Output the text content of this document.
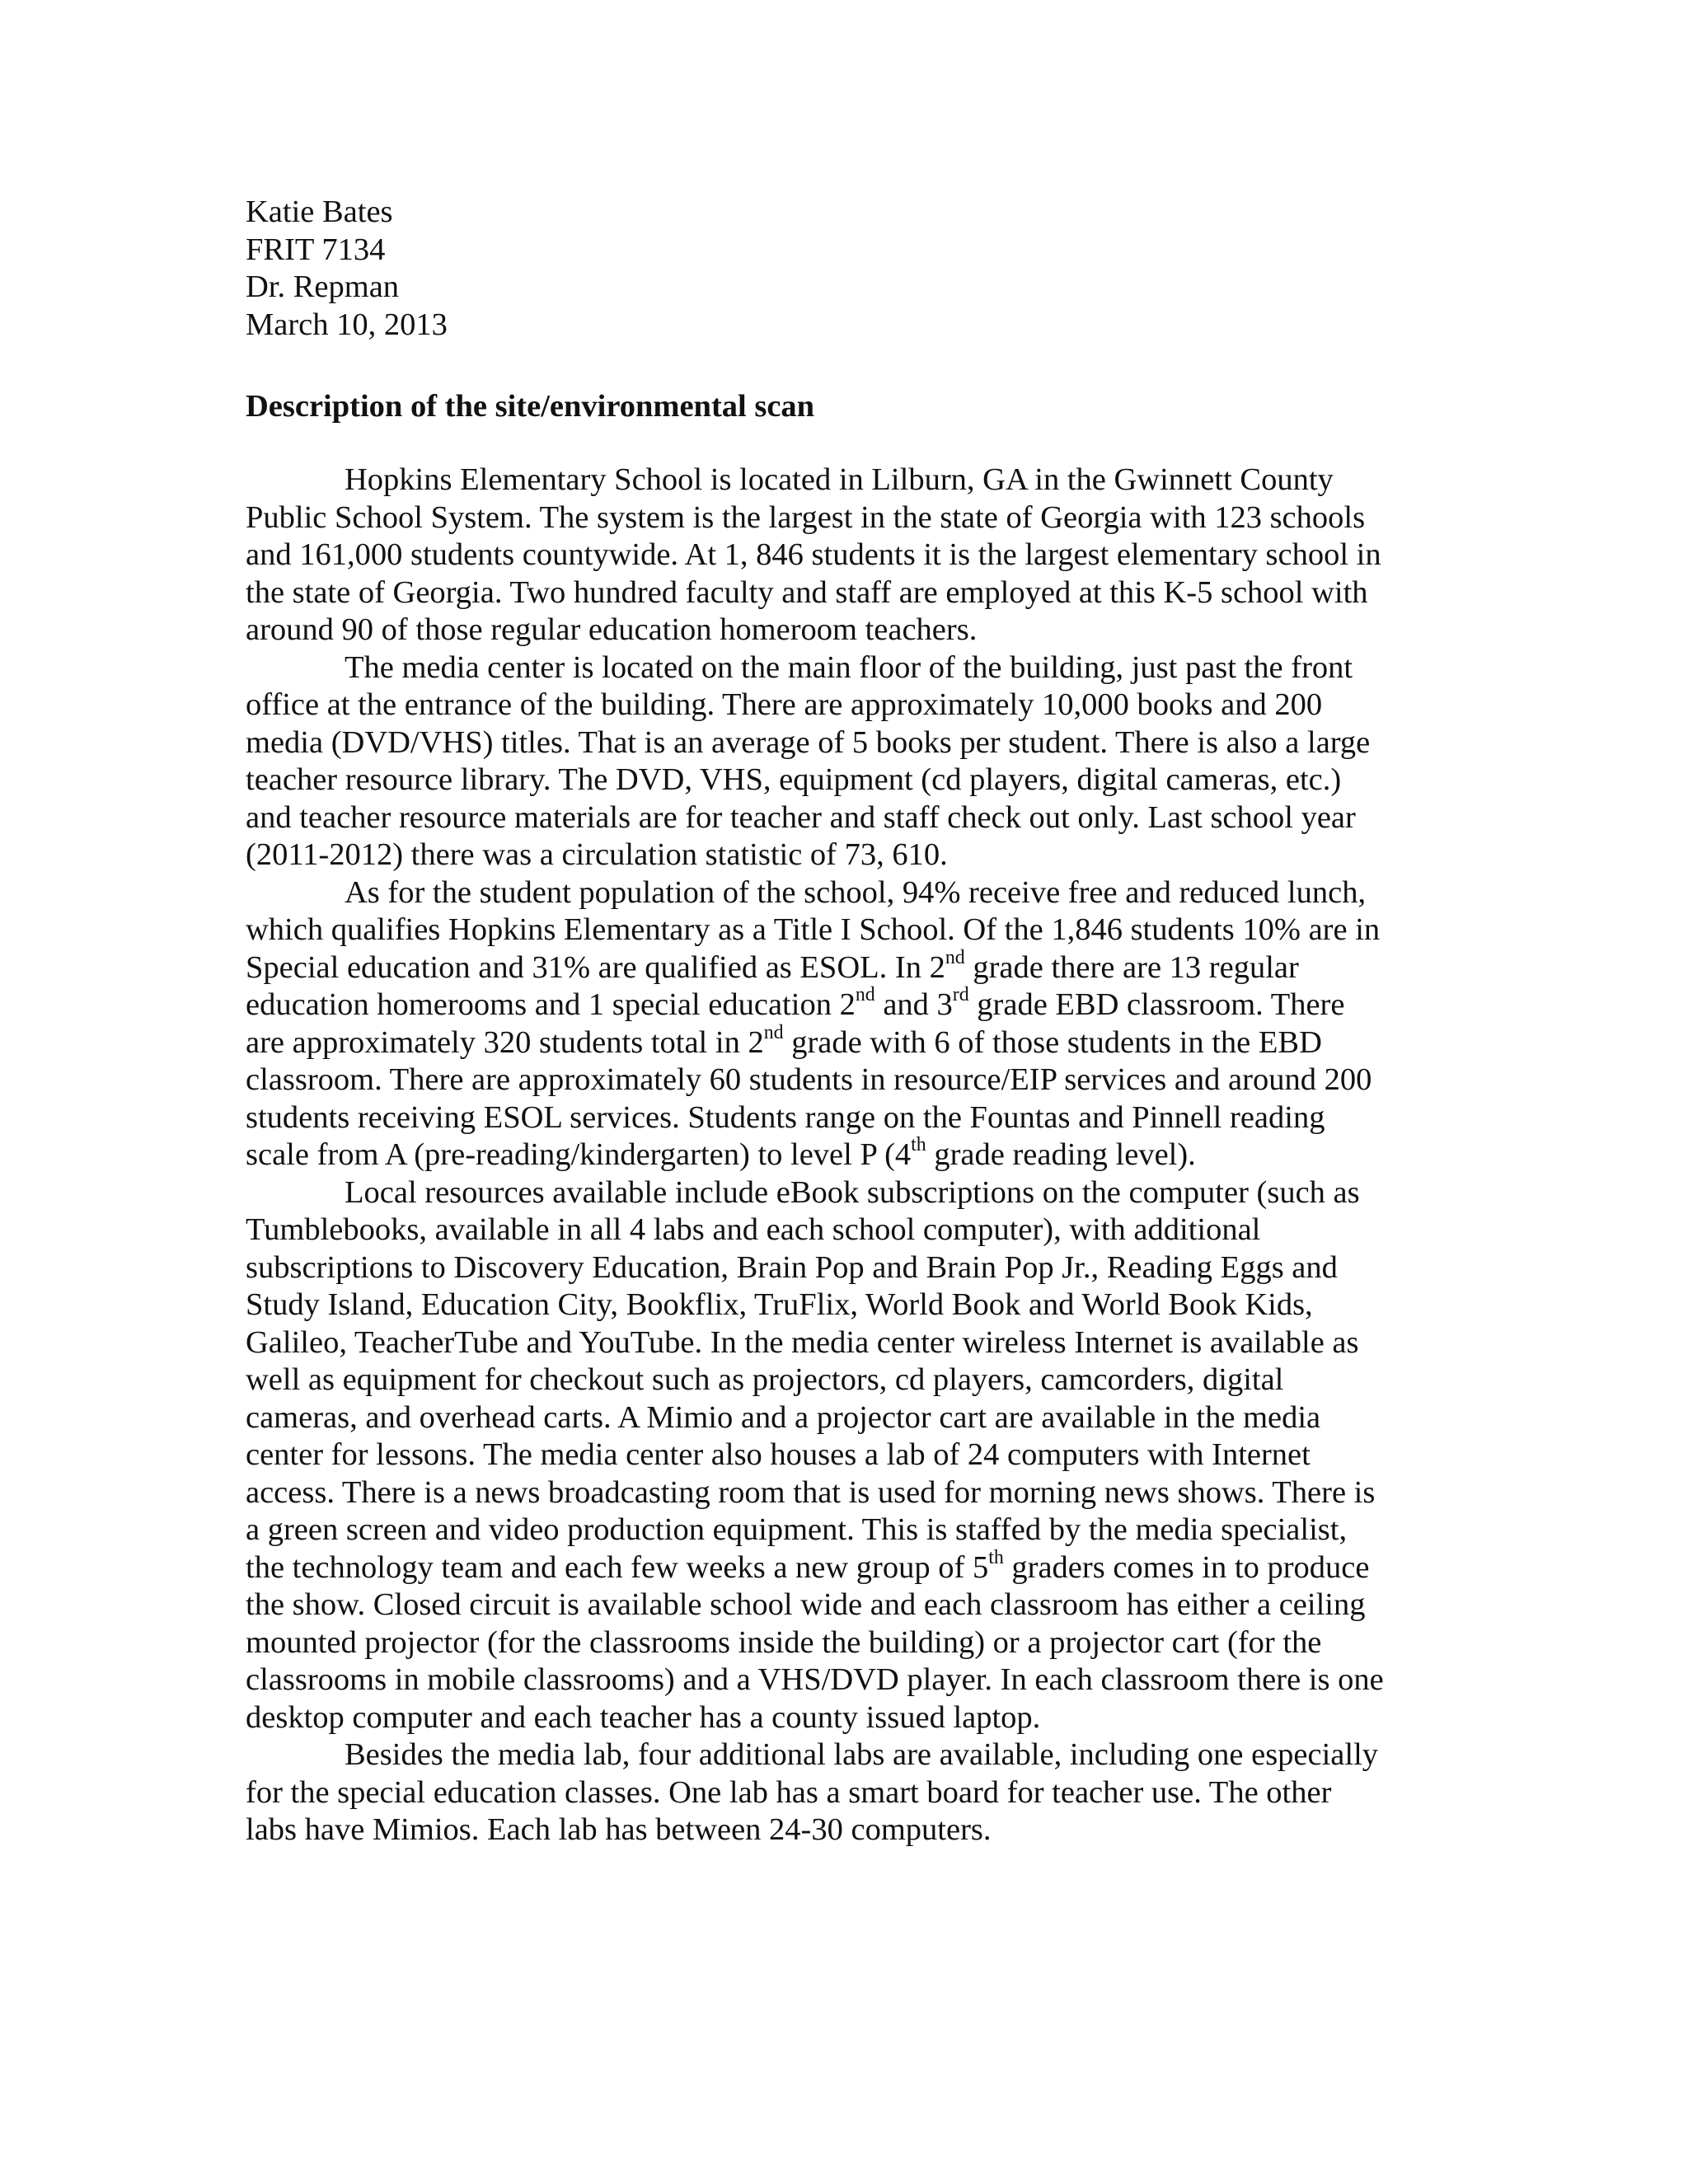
Katie Bates
FRIT 7134
Dr. Repman
March 10, 2013
Description of the site/environmental scan
Hopkins Elementary School is located in Lilburn, GA in the Gwinnett County
Public School System. The system is the largest in the state of Georgia with 123 schools
and 161,000 students countywide. At 1, 846 students it is the largest elementary school in
the state of Georgia. Two hundred faculty and staff are employed at this K-5 school with
around 90 of those regular education homeroom teachers.
The media center is located on the main floor of the building, just past the front
office at the entrance of the building. There are approximately 10,000 books and 200
media (DVD/VHS) titles. That is an average of 5 books per student. There is also a large
teacher resource library. The DVD, VHS, equipment (cd players, digital cameras, etc.)
and teacher resource materials are for teacher and staff check out only. Last school year
(2011-2012) there was a circulation statistic of 73, 610.
As for the student population of the school, 94% receive free and reduced lunch,
which qualifies Hopkins Elementary as a Title I School. Of the 1,846 students 10% are in
Special education and 31% are qualified as ESOL. In 2nd grade there are 13 regular
education homerooms and 1 special education 2nd and 3rd grade EBD classroom. There
are approximately 320 students total in 2nd grade with 6 of those students in the EBD
classroom. There are approximately 60 students in resource/EIP services and around 200
students receiving ESOL services. Students range on the Fountas and Pinnell reading
scale from A (pre-reading/kindergarten) to level P (4th grade reading level).
Local resources available include eBook subscriptions on the computer (such as
Tumblebooks, available in all 4 labs and each school computer), with additional
subscriptions to Discovery Education, Brain Pop and Brain Pop Jr., Reading Eggs and
Study Island, Education City, Bookflix, TruFlix, World Book and World Book Kids,
Galileo, TeacherTube and YouTube. In the media center wireless Internet is available as
well as equipment for checkout such as projectors, cd players, camcorders, digital
cameras, and overhead carts. A Mimio and a projector cart are available in the media
center for lessons. The media center also houses a lab of 24 computers with Internet
access. There is a news broadcasting room that is used for morning news shows. There is
a green screen and video production equipment. This is staffed by the media specialist,
the technology team and each few weeks a new group of 5th graders comes in to produce
the show. Closed circuit is available school wide and each classroom has either a ceiling
mounted projector (for the classrooms inside the building) or a projector cart (for the
classrooms in mobile classrooms) and a VHS/DVD player. In each classroom there is one
desktop computer and each teacher has a county issued laptop.
Besides the media lab, four additional labs are available, including one especially
for the special education classes. One lab has a smart board for teacher use. The other
labs have Mimios. Each lab has between 24-30 computers.
